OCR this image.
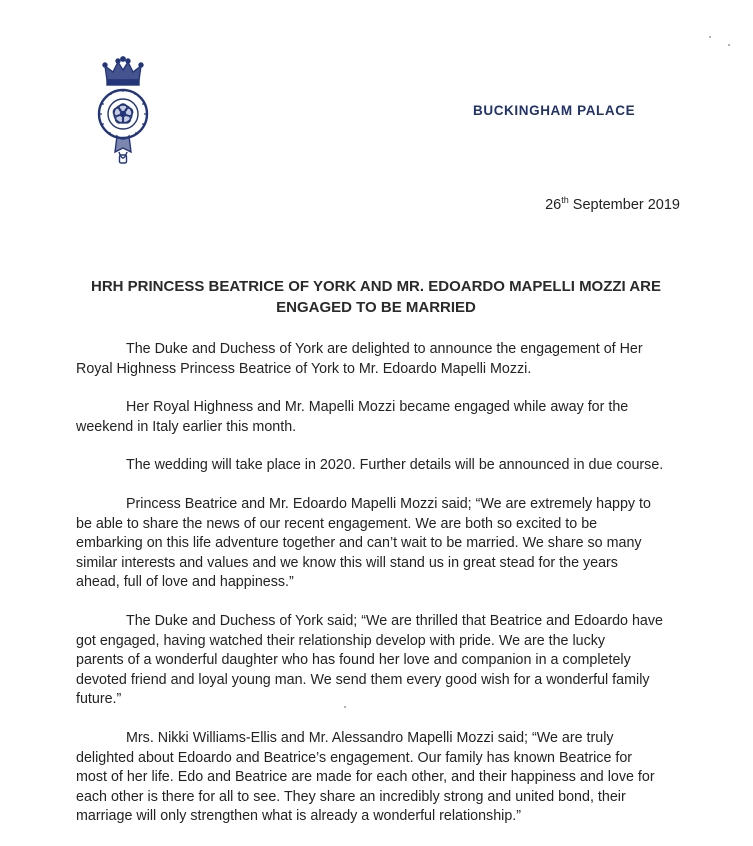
BUCKINGHAM PALACE
26th September 2019
HRH PRINCESS BEATRICE OF YORK AND MR. EDOARDO MAPELLI MOZZI ARE
ENGAGED TO BE MARRIED

The Duke and Duchess of York are delighted to announce the engagement of Her
Royal Highness Princess Beatrice of York to Mr. Edoardo Mapelli Mozzi.

Her Royal Highness and Mr. Mapelli Mozzi became engaged while away for the
weekend in Italy earlier this month.

The wedding will take place in 2020. Further details will be announced in due course.

Princess Beatrice and Mr. Edoardo Mapelli Mozzi said; “We are extremely happy to
be able to share the news of our recent engagement. We are both so excited to be
embarking on this life adventure together and can’t wait to be married. We share so many
similar interests and values and we know this will stand us in great stead for the years
ahead, full of love and happiness.”

The Duke and Duchess of York said; “We are thrilled that Beatrice and Edoardo have
got engaged, having watched their relationship develop with pride. We are the lucky
parents of a wonderful daughter who has found her love and companion in a completely
devoted friend and loyal young man. We send them every good wish for a wonderful family
future.”

Mrs. Nikki Williams-Ellis and Mr. Alessandro Mapelli Mozzi said; “We are truly
delighted about Edoardo and Beatrice’s engagement. Our family has known Beatrice for
most of her life. Edo and Beatrice are made for each other, and their happiness and love for
each other is there for all to see. They share an incredibly strong and united bond, their
marriage will only strengthen what is already a wonderful relationship.”
